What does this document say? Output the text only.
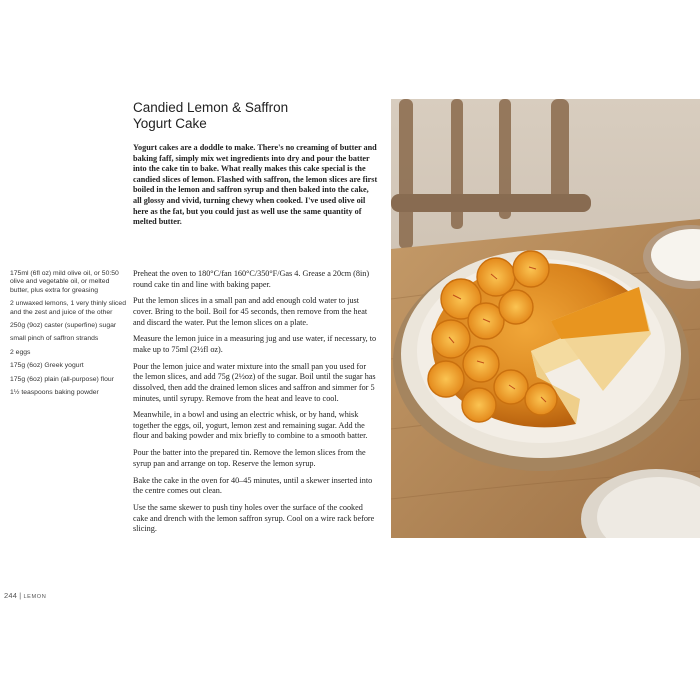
Candied Lemon & Saffron
Yogurt Cake

Yogurt cakes are a doddle to make. There's no creaming of butter and baking faff, simply mix wet ingredients into dry and pour the batter into the cake tin to bake. What really makes this cake special is the candied slices of lemon. Flashed with saffron, the lemon slices are first boiled in the lemon and saffron syrup and then baked into the cake, all glossy and vivid, turning chewy when cooked. I've used olive oil here as the fat, but you could just as well use the same quantity of melted butter.

175ml (6fl oz) mild olive oil, or 50:50 olive and vegetable oil, or melted butter, plus extra for greasing
2 unwaxed lemons, 1 very thinly sliced and the zest and juice of the other
250g (9oz) caster (superfine) sugar
small pinch of saffron strands
2 eggs
175g (6oz) Greek yogurt
175g (6oz) plain (all-purpose) flour
1½ teaspoons baking powder

Preheat the oven to 180°C/fan 160°C/350°F/Gas 4. Grease a 20cm (8in) round cake tin and line with baking paper.

Put the lemon slices in a small pan and add enough cold water to just cover. Bring to the boil. Boil for 45 seconds, then remove from the heat and discard the water. Put the lemon slices on a plate.

Measure the lemon juice in a measuring jug and use water, if necessary, to make up to 75ml (2½fl oz).

Pour the lemon juice and water mixture into the small pan you used for the lemon slices, and add 75g (2½oz) of the sugar. Boil until the sugar has dissolved, then add the drained lemon slices and saffron and simmer for 5 minutes, until syrupy. Remove from the heat and leave to cool.

Meanwhile, in a bowl and using an electric whisk, or by hand, whisk together the eggs, oil, yogurt, lemon zest and remaining sugar. Add the flour and baking powder and mix briefly to combine to a smooth batter.

Pour the batter into the prepared tin. Remove the lemon slices from the syrup pan and arrange on top. Reserve the lemon syrup.

Bake the cake in the oven for 40–45 minutes, until a skewer inserted into the centre comes out clean.

Use the same skewer to push tiny holes over the surface of the cooked cake and drench with the lemon saffron syrup. Cool on a wire rack before slicing.

244 | LEMON
